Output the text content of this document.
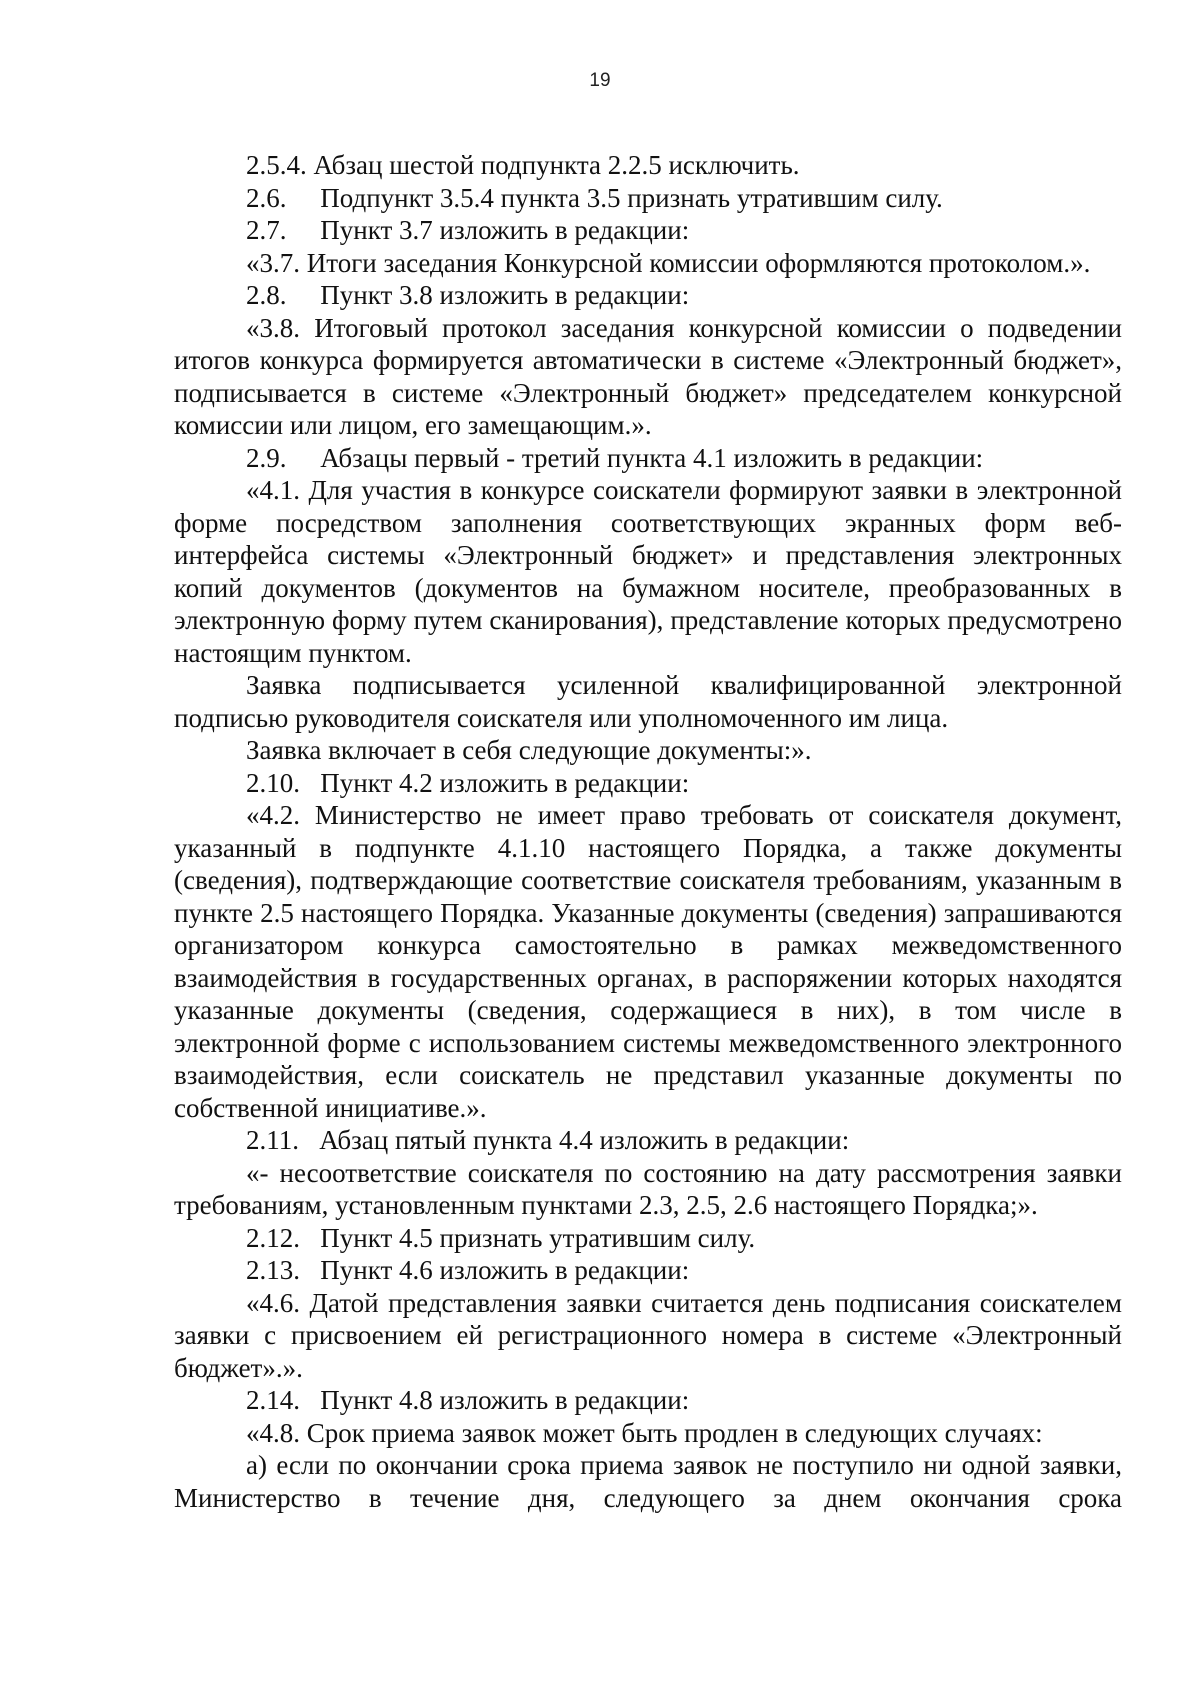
19

2.5.4. Абзац шестой подпункта 2.2.5 исключить.

2.6.  Подпункт 3.5.4 пункта 3.5 признать утратившим силу.

2.7.  Пункт 3.7 изложить в редакции:

«3.7. Итоги заседания Конкурсной комиссии оформляются протоколом.».

2.8.  Пункт 3.8 изложить в редакции:

«3.8. Итоговый протокол заседания конкурсной комиссии о подведении итогов конкурса формируется автоматически в системе «Электронный бюджет», подписывается в системе «Электронный бюджет» председателем конкурсной комиссии или лицом, его замещающим.».

2.9.  Абзацы первый - третий пункта 4.1 изложить в редакции:

«4.1. Для участия в конкурсе соискатели формируют заявки в электронной форме посредством заполнения соответствующих экранных форм веб-интерфейса системы «Электронный бюджет» и представления электронных копий документов (документов на бумажном носителе, преобразованных в электронную форму путем сканирования), представление которых предусмотрено настоящим пунктом.

Заявка подписывается усиленной квалифицированной электронной подписью руководителя соискателя или уполномоченного им лица.

Заявка включает в себя следующие документы:».

2.10.  Пункт 4.2 изложить в редакции:

«4.2. Министерство не имеет право требовать от соискателя документ, указанный в подпункте 4.1.10 настоящего Порядка, а также документы (сведения), подтверждающие соответствие соискателя требованиям, указанным в пункте 2.5 настоящего Порядка. Указанные документы (сведения) запрашиваются организатором конкурса самостоятельно в рамках межведомственного взаимодействия в государственных органах, в распоряжении которых находятся указанные документы (сведения, содержащиеся в них), в том числе в электронной форме с использованием системы межведомственного электронного взаимодействия, если соискатель не представил указанные документы по собственной инициативе.».

2.11.  Абзац пятый пункта 4.4 изложить в редакции:

«- несоответствие соискателя по состоянию на дату рассмотрения заявки требованиям, установленным пунктами 2.3, 2.5, 2.6 настоящего Порядка;».

2.12.  Пункт 4.5 признать утратившим силу.

2.13.  Пункт 4.6 изложить в редакции:

«4.6. Датой представления заявки считается день подписания соискателем заявки с присвоением ей регистрационного номера в системе «Электронный бюджет».».

2.14.  Пункт 4.8 изложить в редакции:

«4.8. Срок приема заявок может быть продлен в следующих случаях:

а) если по окончании срока приема заявок не поступило ни одной заявки, Министерство в течение дня, следующего за днем окончания срока
